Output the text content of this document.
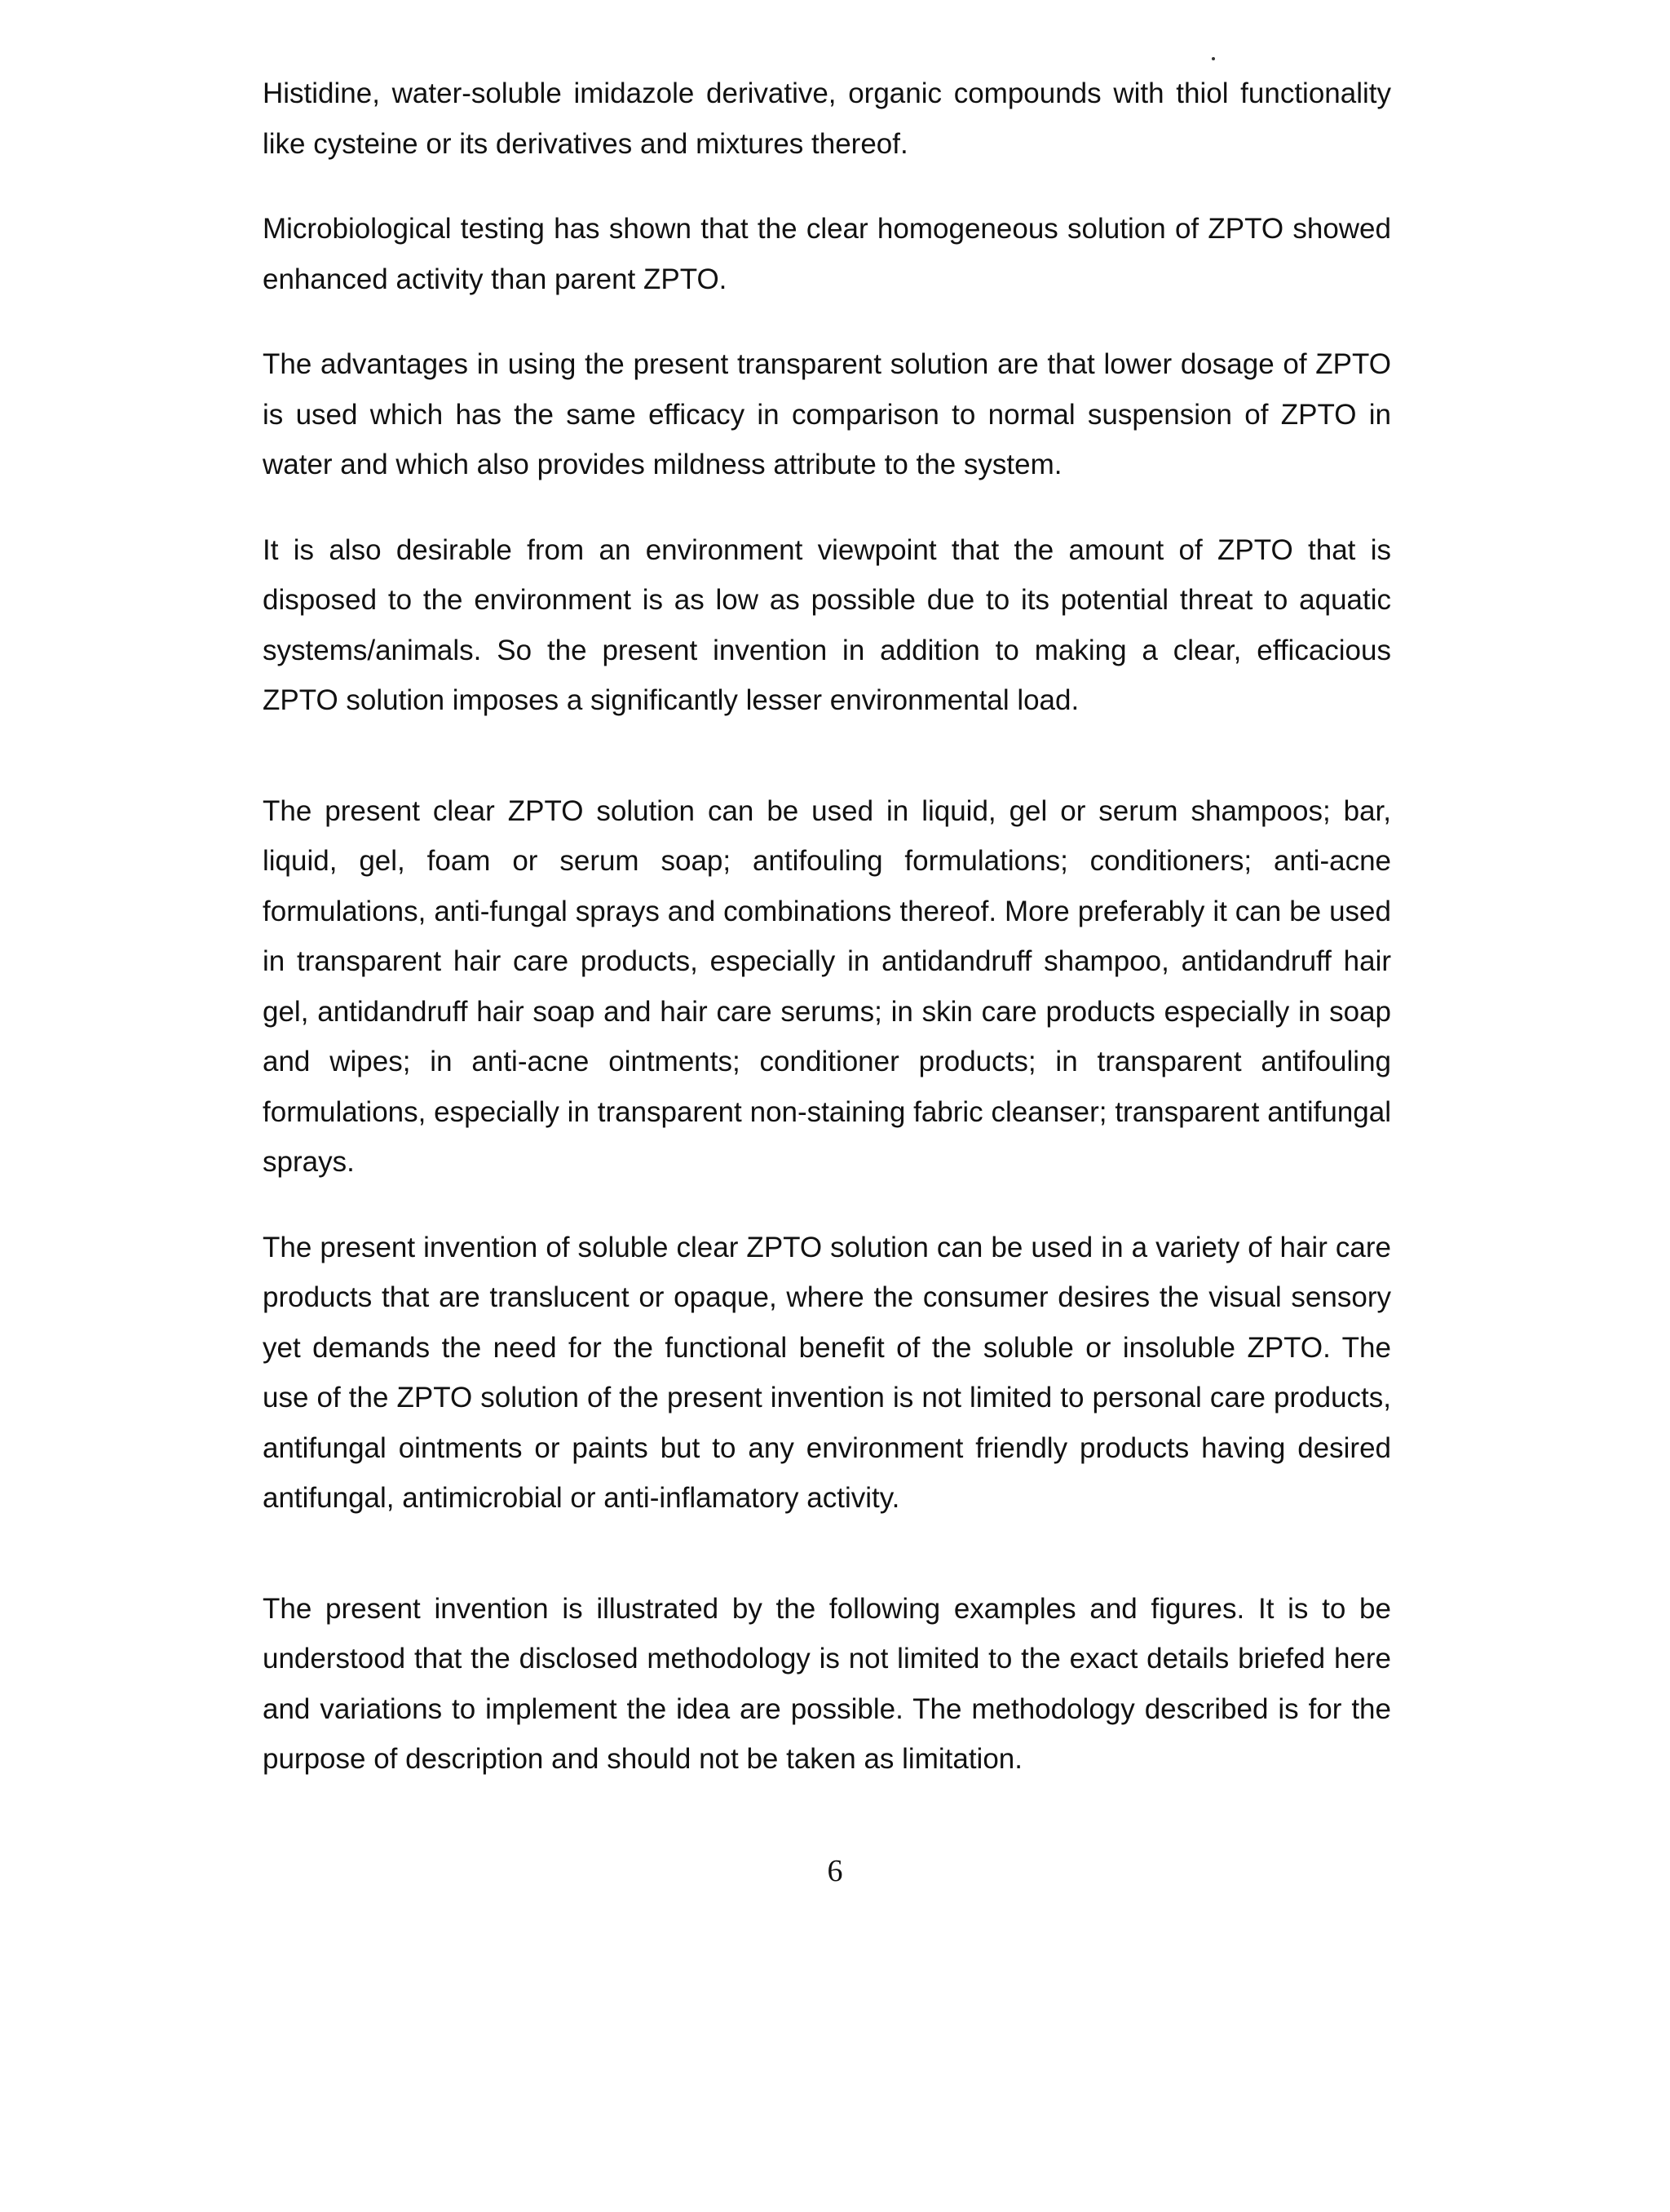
Histidine, water-soluble imidazole derivative, organic compounds with thiol functionality like cysteine or its derivatives and mixtures thereof.

Microbiological testing has shown that the clear homogeneous solution of ZPTO showed enhanced activity than parent ZPTO.

The advantages in using the present transparent solution are that lower dosage of ZPTO is used which has the same efficacy in comparison to normal suspension of ZPTO in water and which also provides mildness attribute to the system.

It is also desirable from an environment viewpoint that the amount of ZPTO that is disposed to the environment is as low as possible due to its potential threat to aquatic systems/animals. So the present invention in addition to making a clear, efficacious ZPTO solution imposes a significantly lesser environmental load.

The present clear ZPTO solution can be used in liquid, gel or serum shampoos; bar, liquid, gel, foam or serum soap; antifouling formulations; conditioners; anti-acne formulations, anti-fungal sprays and combinations thereof. More preferably it can be used in transparent hair care products, especially in antidandruff shampoo, antidandruff hair gel, antidandruff hair soap and hair care serums; in skin care products especially in soap and wipes; in anti-acne ointments; conditioner products; in transparent antifouling formulations, especially in transparent non-staining fabric cleanser; transparent antifungal sprays.

The present invention of soluble clear ZPTO solution can be used in a variety of hair care products that are translucent or opaque, where the consumer desires the visual sensory yet demands the need for the functional benefit of the soluble or insoluble ZPTO. The use of the ZPTO solution of the present invention is not limited to personal care products, antifungal ointments or paints but to any environment friendly products having desired antifungal, antimicrobial or anti-inflamatory activity.

The present invention is illustrated by the following examples and figures. It is to be understood that the disclosed methodology is not limited to the exact details briefed here and variations to implement the idea are possible. The methodology described is for the purpose of description and should not be taken as limitation.

6
